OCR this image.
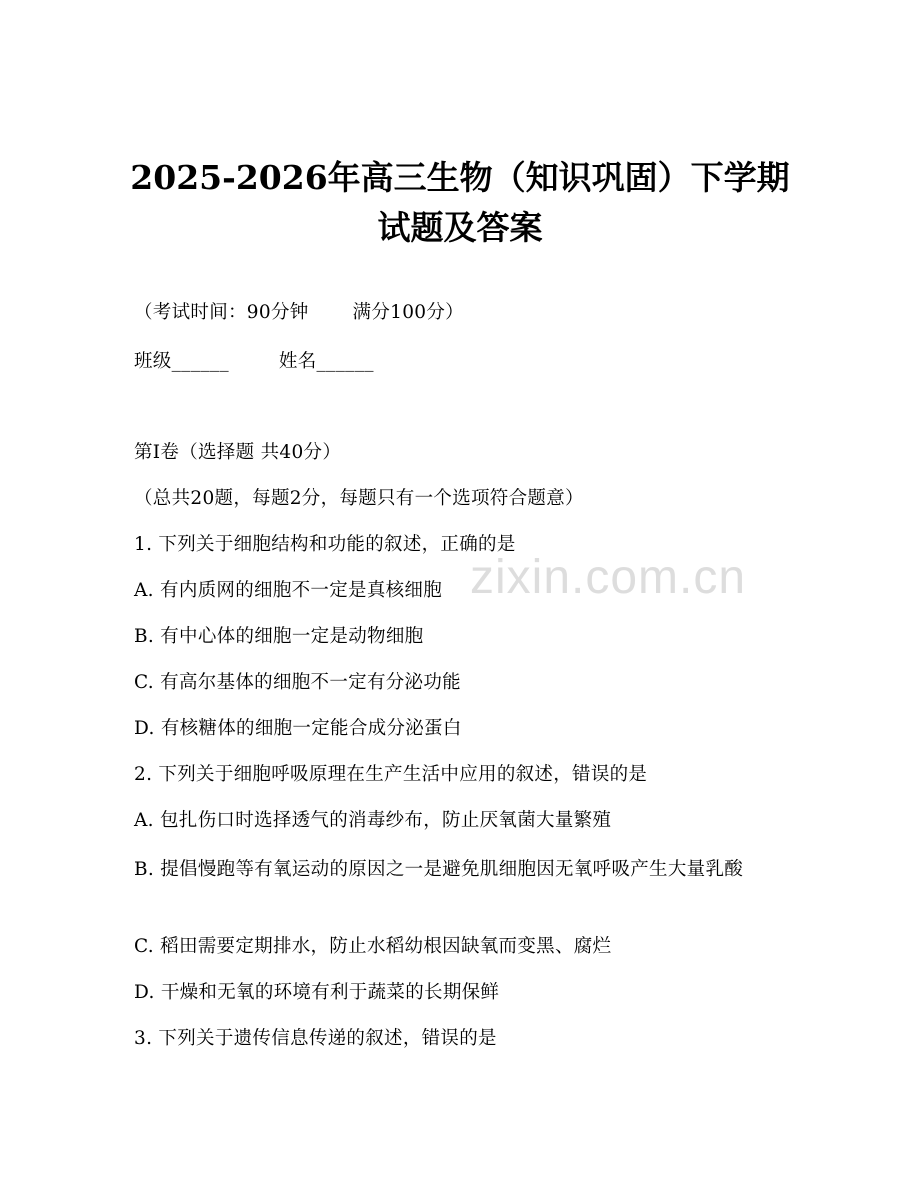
2025-2026年高三生物（知识巩固）下学期
试题及答案
（考试时间：90分钟 满分100分）
班级______	姓名______
第I卷（选择题 共40分）
（总共20题，每题2分，每题只有一个选项符合题意）
1. 下列关于细胞结构和功能的叙述，正确的是
A. 有内质网的细胞不一定是真核细胞
B. 有中心体的细胞一定是动物细胞
C. 有高尔基体的细胞不一定有分泌功能
D. 有核糖体的细胞一定能合成分泌蛋白
2. 下列关于细胞呼吸原理在生产生活中应用的叙述，错误的是
A. 包扎伤口时选择透气的消毒纱布，防止厌氧菌大量繁殖
B. 提倡慢跑等有氧运动的原因之一是避免肌细胞因无氧呼吸产生大量乳酸
C. 稻田需要定期排水，防止水稻幼根因缺氧而变黑、腐烂
D. 干燥和无氧的环境有利于蔬菜的长期保鲜
3. 下列关于遗传信息传递的叙述，错误的是
zixin.com.cn
